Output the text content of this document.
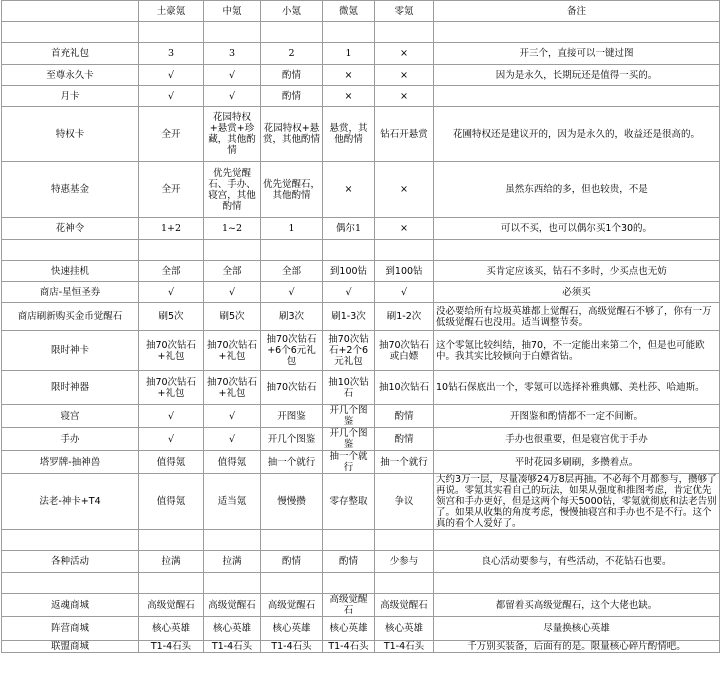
	土豪氪	中氪	小氪	微氪	零氪	备注

首充礼包	3	3	2	1	×	开三个，直接可以一键过图
至尊永久卡	√	√	酌情	×	×	因为是永久，长期玩还是值得一买的。
月卡	√	√	酌情	×	×	
特权卡	全开	花园特权+悬赏+珍藏，其他酌情	花园特权+悬赏，其他酌情	悬赏，其他酌情	钻石开悬赏	花圃特权还是建议开的，因为是永久的，收益还是很高的。
特惠基金	全开	优先觉醒石、手办、寝宫，其他酌情	优先觉醒石，其他酌情	×	×	虽然东西给的多，但也较贵，不是
花神令	1+2	1~2	1	偶尔1	×	可以不买，也可以偶尔买1个30的。

快速挂机	全部	全部	全部	到100钻	到100钻	买肯定应该买，钻石不多时，少买点也无妨
商店-星恒圣券	√	√	√	√	√	必须买
商店刷新购买金币觉醒石	刷5次	刷5次	刷3次	刷1-3次	刷1-2次	没必要给所有垃圾英雄都上觉醒石，高级觉醒石不够了，你有一万低级觉醒石也没用。适当调整节奏。
限时神卡	抽70次钻石+礼包	抽70次钻石+礼包	抽70次钻石+6个6元礼包	抽70次钻石+2个6元礼包	抽70次钻石或白嫖	这个零氪比较纠结，抽70，不一定能出来第二个，但是也可能欧中。我其实比较倾向于白嫖省钻。
限时神器	抽70次钻石+礼包	抽70次钻石+礼包	抽70次钻石	抽10次钻石	抽10次钻石	10钻石保底出一个，零氪可以选择补雅典娜、美杜莎、哈迪斯。
寝宫	√	√	开图鉴	开几个图鉴	酌情	开图鉴和酌情都不一定不间断。
手办	√	√	开几个图鉴	开几个图鉴	酌情	手办也很重要，但是寝宫优于手办
塔罗牌-抽神兽	值得氪	值得氪	抽一个就行	抽一个就行	抽一个就行	平时花园多刷刷，多攒着点。
法老-神卡+T4	值得氪	适当氪	慢慢攒	零存整取	争议	大约3万一层，尽量凑够24万8层再抽。不必每个月都参与，攒够了再说。零氪其实看自己的玩法，如果从强度和推图考虑，肯定优先领宫和手办更好，但是这两个每天5000钻，零氪就彻底和法老告别了。如果从收集的角度考虑，慢慢抽寝宫和手办也不是不行。这个真的看个人爱好了。

各种活动	拉满	拉满	酌情	酌情	少参与	良心活动要参与，有些活动，不花钻石也要。

返魂商城	高级觉醒石	高级觉醒石	高级觉醒石	高级觉醒石	高级觉醒石	都留着买高级觉醒石，这个大佬也缺。
阵营商城	核心英雄	核心英雄	核心英雄	核心英雄	核心英雄	尽量换核心英雄
联盟商城	T1-4石头	T1-4石头	T1-4石头	T1-4石头	T1-4石头	千万别买装备，后面有的是。限量核心碎片酌情吧。
